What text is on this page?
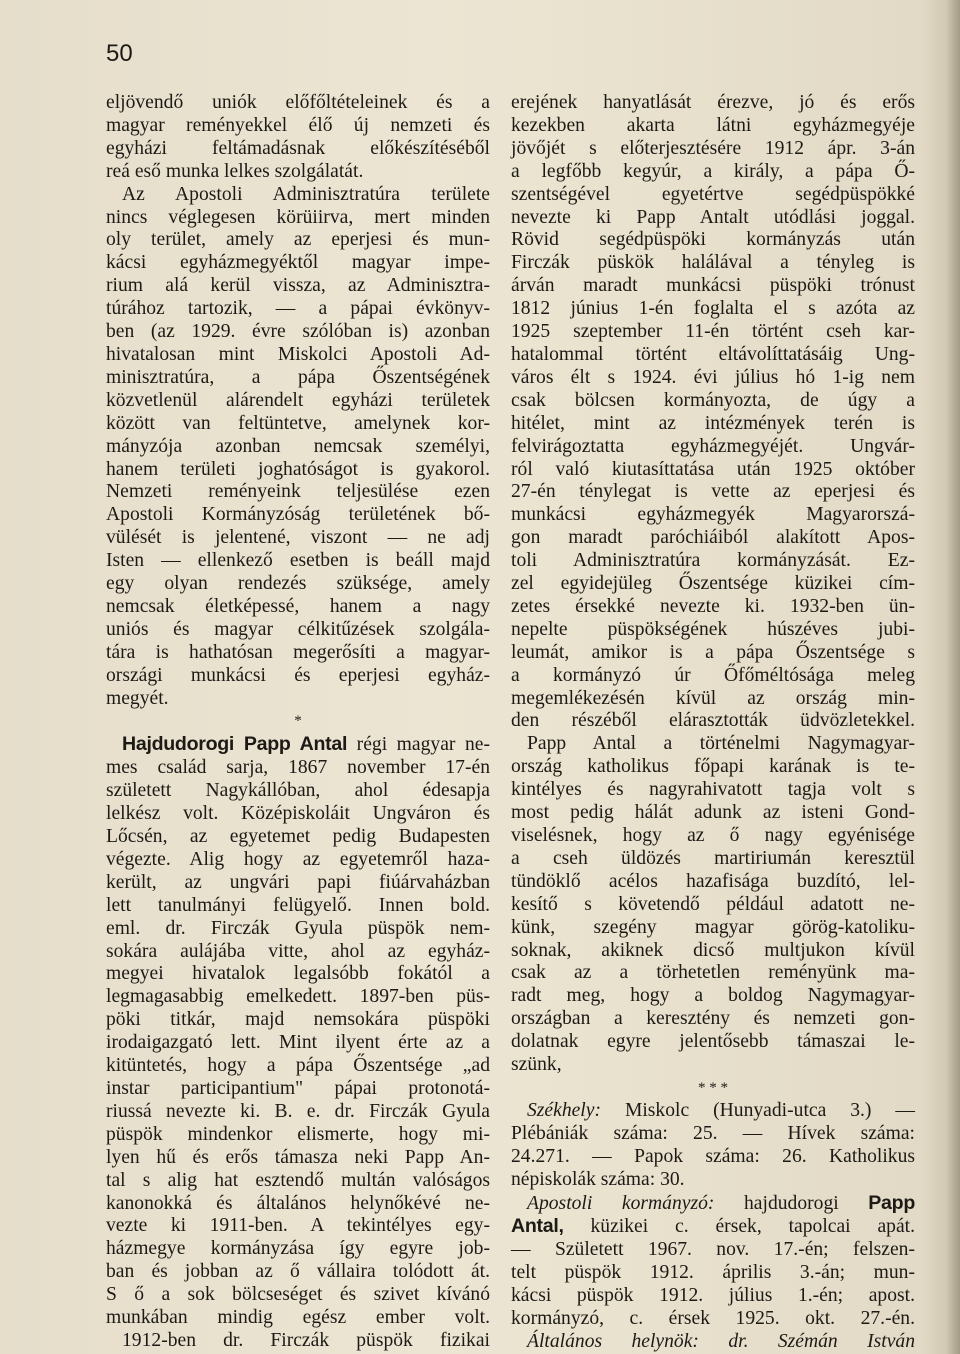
50
eljövendő uniók előfőltételeinek és a
magyar reményekkel élő új nemzeti és
egyházi feltámadásnak előkészítéséből
reá eső munka lelkes szolgálatát.
Az Apostoli Adminisztratúra területe
nincs véglegesen körüiirva, mert minden
oly terület, amely az eperjesi és mun-
kácsi egyházmegyéktől magyar impe-
rium alá kerül vissza, az Adminisztra-
túrához tartozik, — a pápai évkönyv-
ben (az 1929. évre szólóban is) azonban
hivatalosan mint Miskolci Apostoli Ad-
minisztratúra, a pápa Őszentségének
közvetlenül alárendelt egyházi területek
között van feltüntetve, amelynek kor-
mányzója azonban nemcsak személyi,
hanem területi joghatóságot is gyakorol.
Nemzeti reményeink teljesülése ezen
Apostoli Kormányzóság területének bő-
vülését is jelentené, viszont — ne adj
Isten — ellenkező esetben is beáll majd
egy olyan rendezés szüksége, amely
nemcsak életképessé, hanem a nagy
uniós és magyar célkitűzések szolgála-
tára is hathatósan megerősíti a magyar-
országi munkácsi és eperjesi egyház-
megyét.
*
Hajdudorogi Papp Antal régi magyar ne-
mes család sarja, 1867 november 17-én
született Nagykállóban, ahol édesapja
lelkész volt. Középiskoláit Ungváron és
Lőcsén, az egyetemet pedig Budapesten
végezte. Alig hogy az egyetemről haza-
került, az ungvári papi fiúárvaházban
lett tanulmányi felügyelő. Innen bold.
eml. dr. Firczák Gyula püspök nem-
sokára aulájába vitte, ahol az egyház-
megyei hivatalok legalsóbb fokától a
legmagasabbig emelkedett. 1897-ben püs-
pöki titkár, majd nemsokára püspöki
irodaigazgató lett. Mint ilyent érte az a
kitüntetés, hogy a pápa Őszentsége „ad
instar participantium" pápai protonotá-
riussá nevezte ki. B. e. dr. Firczák Gyula
püspök mindenkor elismerte, hogy mi-
lyen hű és erős támasza neki Papp An-
tal s alig hat esztendő multán valóságos
kanonokká és általános helynőkévé ne-
vezte ki 1911-ben. A tekintélyes egy-
házmegye kormányzása így egyre job-
ban és jobban az ő vállaira tolódott át.
S ő a sok bölcseséget és szivet kívánó
munkában mindig egész ember volt.
1912-ben dr. Firczák püspök fizikai
erejének hanyatlását érezve, jó és erős
kezekben akarta látni egyházmegyéje
jövőjét s előterjesztésére 1912 ápr. 3-án
a legfőbb kegyúr, a király, a pápa Ő-
szentségével egyetértve segédpüspökké
nevezte ki Papp Antalt utódlási joggal.
Rövid segédpüspöki kormányzás után
Firczák püskök halálával a tényleg is
árván maradt munkácsi püspöki trónust
1812 június 1-én foglalta el s azóta az
1925 szeptember 11-én történt cseh kar-
hatalommal történt eltávolíttatásáig Ung-
város élt s 1924. évi július hó 1-ig nem
csak bölcsen kormányozta, de úgy a
hitélet, mint az intézmények terén is
felvirágoztatta egyházmegyéjét. Ungvár-
ról való kiutasíttatása után 1925 október
27-én ténylegat is vette az eperjesi és
munkácsi egyházmegyék Magyarorszá-
gon maradt paróchiáiból alakított Apos-
toli Adminisztratúra kormányzását. Ez-
zel egyidejüleg Őszentsége küzikei cím-
zetes érsekké nevezte ki. 1932-ben ün-
nepelte püspökségének húszéves jubi-
leumát, amikor is a pápa Őszentsége s
a kormányzó úr Őfőméltósága meleg
megemlékezésén kívül az ország min-
den részéből elárasztották üdvözletekkel.
Papp Antal a történelmi Nagymagyar-
ország katholikus főpapi karának is te-
kintélyes és nagyrahivatott tagja volt s
most pedig hálát adunk az isteni Gond-
viselésnek, hogy az ő nagy egyénisége
a cseh üldözés martiriumán keresztül
tündöklő acélos hazafisága buzdító, lel-
kesítő s követendő például adatott ne-
künk, szegény magyar görög-katoliku-
soknak, akiknek dicső multjukon kívül
csak az a törhetetlen reményünk ma-
radt meg, hogy a boldog Nagymagyar-
országban a keresztény és nemzeti gon-
dolatnak egyre jelentősebb támaszai le-
szünk,
* * *
Székhely: Miskolc (Hunyadi-utca 3.) —
Plébániák száma: 25. — Hívek száma:
24.271. — Papok száma: 26. Katholikus
népiskolák száma: 30.
Apostoli kormányzó: hajdudorogi Papp
Antal, küzikei c. érsek, tapolcai apát.
— Született 1967. nov. 17.-én; felszen-
telt püspök 1912. április 3.-án; mun-
kácsi püspök 1912. július 1.-én; apost.
kormányzó, c. érsek 1925. okt. 27.-én.
Általános helynök: dr. Szémán István
